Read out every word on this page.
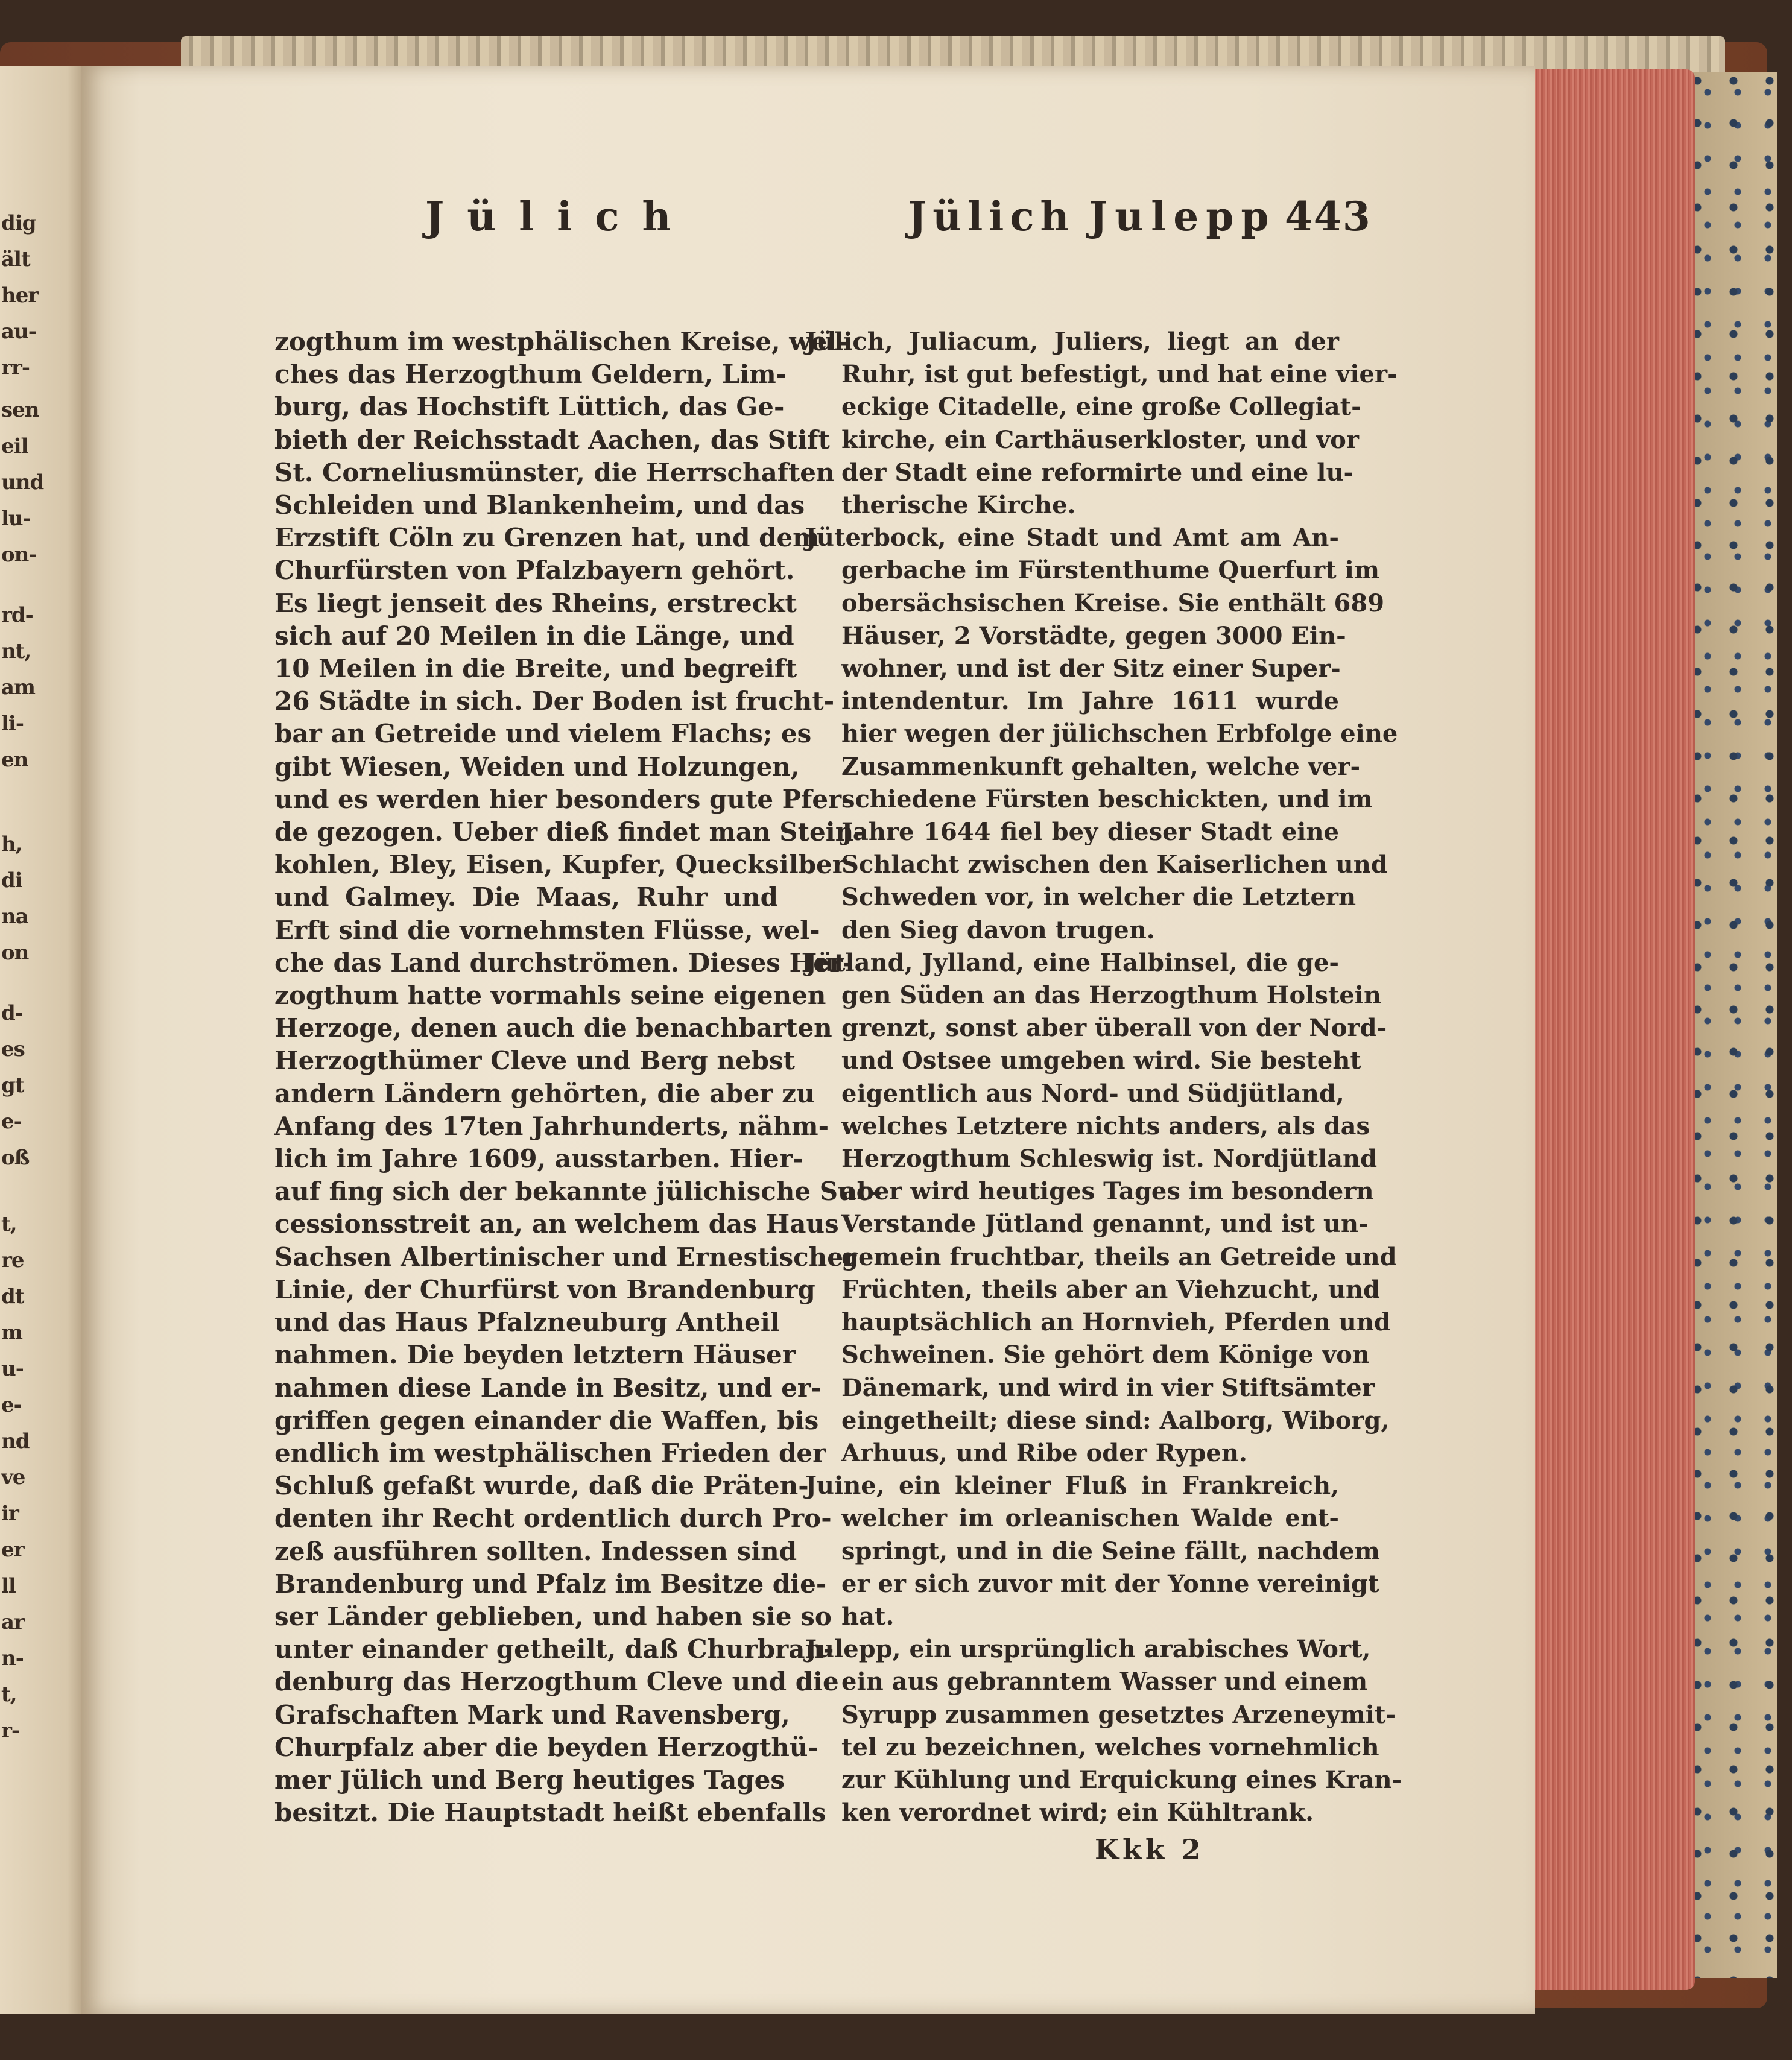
dig
ält
her
au-
rr-
sen
eil
und
lu-
on-
rd-
nt,
am
li-
en
h,
di
na
on
d-
es
gt
e-
oß
t,
re
dt
m
u-
e-
nd
ve
ir
er
ll
ar
n-
t,
r-
Jülich	Jülich Julepp 443
zogthum im westphälischen Kreise, wel-
ches das Herzogthum Geldern, Lim-
burg, das Hochstift Lüttich, das Ge-
bieth der Reichsstadt Aachen, das Stift
St. Corneliusmünster, die Herrschaften
Schleiden und Blankenheim, und das
Erzstift Cöln zu Grenzen hat, und dem
Churfürsten von Pfalzbayern gehört.
Es liegt jenseit des Rheins, erstreckt
sich auf 20 Meilen in die Länge, und
10 Meilen in die Breite, und begreift
26 Städte in sich. Der Boden ist frucht-
bar an Getreide und vielem Flachs; es
gibt Wiesen, Weiden und Holzungen,
und es werden hier besonders gute Pfer-
de gezogen. Ueber dieß findet man Stein-
kohlen, Bley, Eisen, Kupfer, Quecksilber
und Galmey. Die Maas, Ruhr und
Erft sind die vornehmsten Flüsse, wel-
che das Land durchströmen. Dieses Her-
zogthum hatte vormahls seine eigenen
Herzoge, denen auch die benachbarten
Herzogthümer Cleve und Berg nebst
andern Ländern gehörten, die aber zu
Anfang des 17ten Jahrhunderts, nähm-
lich im Jahre 1609, ausstarben. Hier-
auf fing sich der bekannte jülichische Suc-
cessionsstreit an, an welchem das Haus
Sachsen Albertinischer und Ernestischer
Linie, der Churfürst von Brandenburg
und das Haus Pfalzneuburg Antheil
nahmen. Die beyden letztern Häuser
nahmen diese Lande in Besitz, und er-
griffen gegen einander die Waffen, bis
endlich im westphälischen Frieden der
Schluß gefaßt wurde, daß die Präten-
denten ihr Recht ordentlich durch Pro-
zeß ausführen sollten. Indessen sind
Brandenburg und Pfalz im Besitze die-
ser Länder geblieben, und haben sie so
unter einander getheilt, daß Churbran-
denburg das Herzogthum Cleve und die
Grafschaften Mark und Ravensberg,
Churpfalz aber die beyden Herzogthü-
mer Jülich und Berg heutiges Tages
besitzt. Die Hauptstadt heißt ebenfalls
Jülich, Juliacum, Juliers, liegt an der
Ruhr, ist gut befestigt, und hat eine vier-
eckige Citadelle, eine große Collegiat-
kirche, ein Carthäuserkloster, und vor
der Stadt eine reformirte und eine lu-
therische Kirche.
Jüterbock, eine Stadt und Amt am An-
gerbache im Fürstenthume Querfurt im
obersächsischen Kreise. Sie enthält 689
Häuser, 2 Vorstädte, gegen 3000 Ein-
wohner, und ist der Sitz einer Super-
intendentur. Im Jahre 1611 wurde
hier wegen der jülichschen Erbfolge eine
Zusammenkunft gehalten, welche ver-
schiedene Fürsten beschickten, und im
Jahre 1644 fiel bey dieser Stadt eine
Schlacht zwischen den Kaiserlichen und
Schweden vor, in welcher die Letztern
den Sieg davon trugen.
Jütland, Jylland, eine Halbinsel, die ge-
gen Süden an das Herzogthum Holstein
grenzt, sonst aber überall von der Nord-
und Ostsee umgeben wird. Sie besteht
eigentlich aus Nord- und Südjütland,
welches Letztere nichts anders, als das
Herzogthum Schleswig ist. Nordjütland
aber wird heutiges Tages im besondern
Verstande Jütland genannt, und ist un-
gemein fruchtbar, theils an Getreide und
Früchten, theils aber an Viehzucht, und
hauptsächlich an Hornvieh, Pferden und
Schweinen. Sie gehört dem Könige von
Dänemark, und wird in vier Stiftsämter
eingetheilt; diese sind: Aalborg, Wiborg,
Arhuus, und Ribe oder Rypen.
Juine, ein kleiner Fluß in Frankreich,
welcher im orleanischen Walde ent-
springt, und in die Seine fällt, nachdem
er er sich zuvor mit der Yonne vereinigt
hat.
Julepp, ein ursprünglich arabisches Wort,
ein aus gebranntem Wasser und einem
Syrupp zusammen gesetztes Arzeneymit-
tel zu bezeichnen, welches vornehmlich
zur Kühlung und Erquickung eines Kran-
ken verordnet wird; ein Kühltrank.
Kkk 2
